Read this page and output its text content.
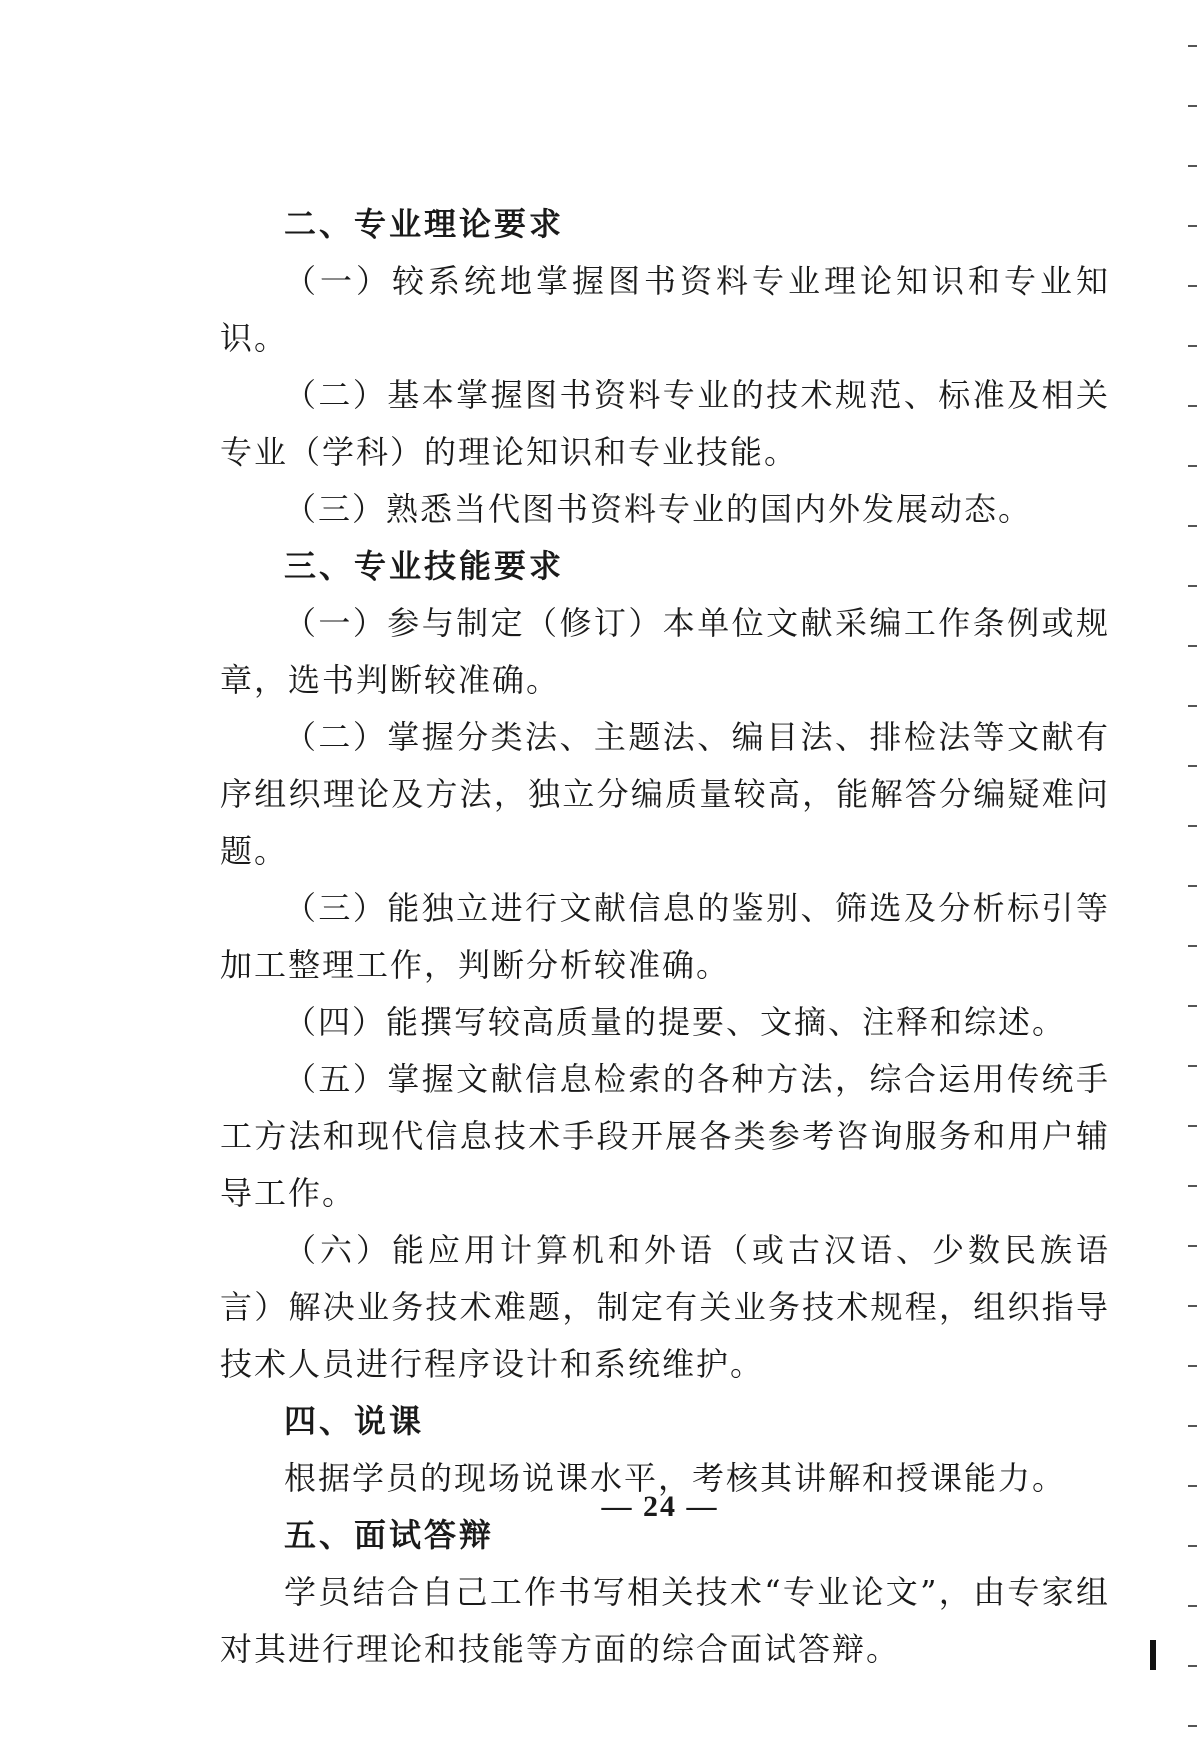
二、专业理论要求

（一）较系统地掌握图书资料专业理论知识和专业知识。

（二）基本掌握图书资料专业的技术规范、标准及相关专业（学科）的理论知识和专业技能。

（三）熟悉当代图书资料专业的国内外发展动态。

三、专业技能要求

（一）参与制定（修订）本单位文献采编工作条例或规章，选书判断较准确。

（二）掌握分类法、主题法、编目法、排检法等文献有序组织理论及方法，独立分编质量较高，能解答分编疑难问题。

（三）能独立进行文献信息的鉴别、筛选及分析标引等加工整理工作，判断分析较准确。

（四）能撰写较高质量的提要、文摘、注释和综述。

（五）掌握文献信息检索的各种方法，综合运用传统手工方法和现代信息技术手段开展各类参考咨询服务和用户辅导工作。

（六）能应用计算机和外语（或古汉语、少数民族语言）解决业务技术难题，制定有关业务技术规程，组织指导技术人员进行程序设计和系统维护。

四、说课

根据学员的现场说课水平，考核其讲解和授课能力。

五、面试答辩

学员结合自己工作书写相关技术“专业论文”，由专家组对其进行理论和技能等方面的综合面试答辩。

— 24 —
